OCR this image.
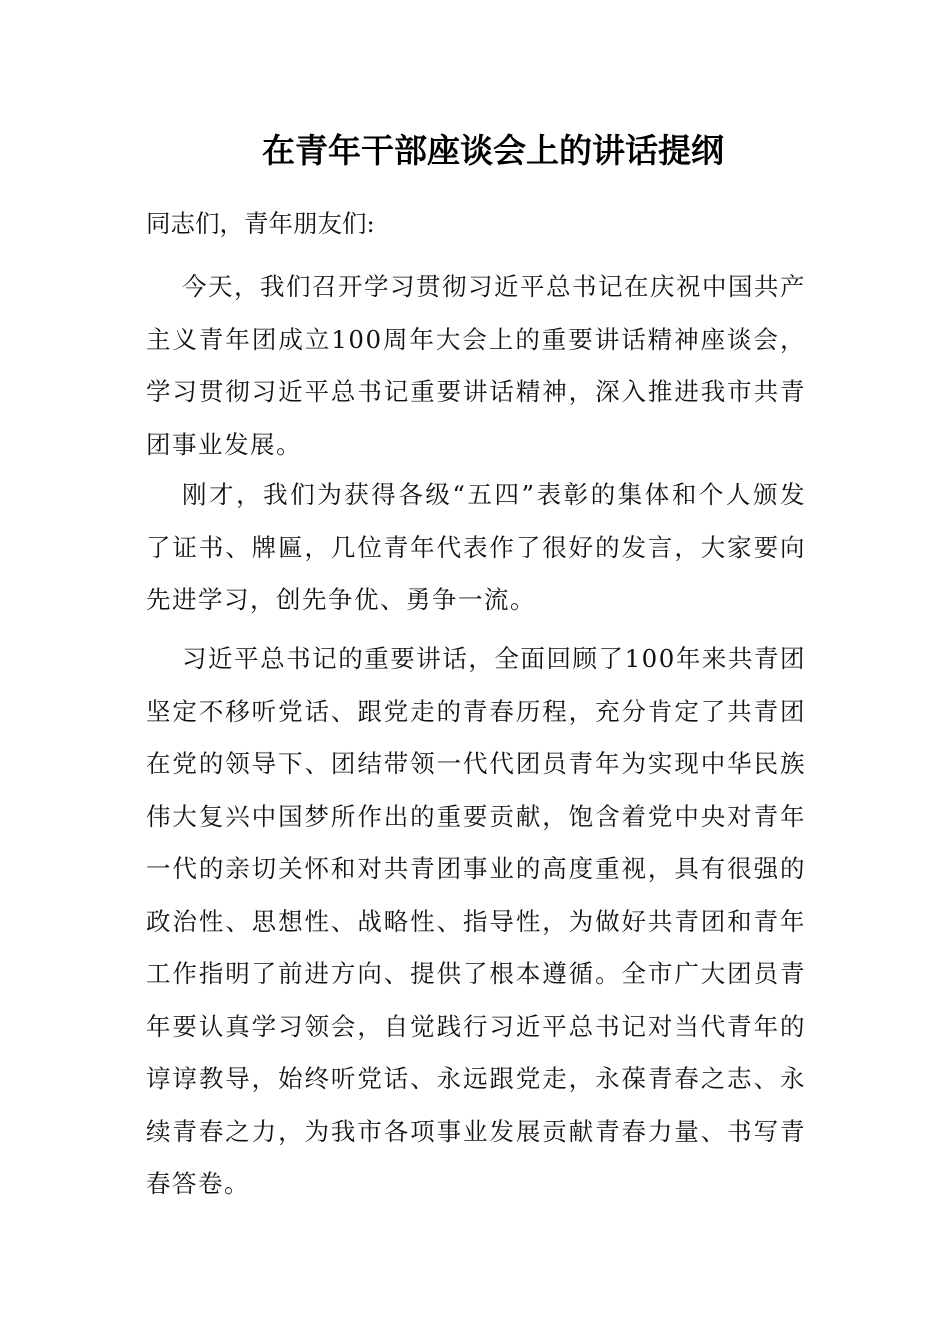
在青年干部座谈会上的讲话提纲
同志们，青年朋友们:

今天，我们召开学习贯彻习近平总书记在庆祝中国共产主义青年团成立100周年大会上的重要讲话精神座谈会，学习贯彻习近平总书记重要讲话精神，深入推进我市共青团事业发展。

刚才，我们为获得各级“五四”表彰的集体和个人颁发了证书、牌匾，几位青年代表作了很好的发言，大家要向先进学习，创先争优、勇争一流。

习近平总书记的重要讲话，全面回顾了100年来共青团坚定不移听党话、跟党走的青春历程，充分肯定了共青团在党的领导下、团结带领一代代团员青年为实现中华民族伟大复兴中国梦所作出的重要贡献，饱含着党中央对青年一代的亲切关怀和对共青团事业的高度重视，具有很强的政治性、思想性、战略性、指导性，为做好共青团和青年工作指明了前进方向、提供了根本遵循。全市广大团员青年要认真学习领会，自觉践行习近平总书记对当代青年的谆谆教导，始终听党话、永远跟党走，永葆青春之志、永续青春之力，为我市各项事业发展贡献青春力量、书写青春答卷。
